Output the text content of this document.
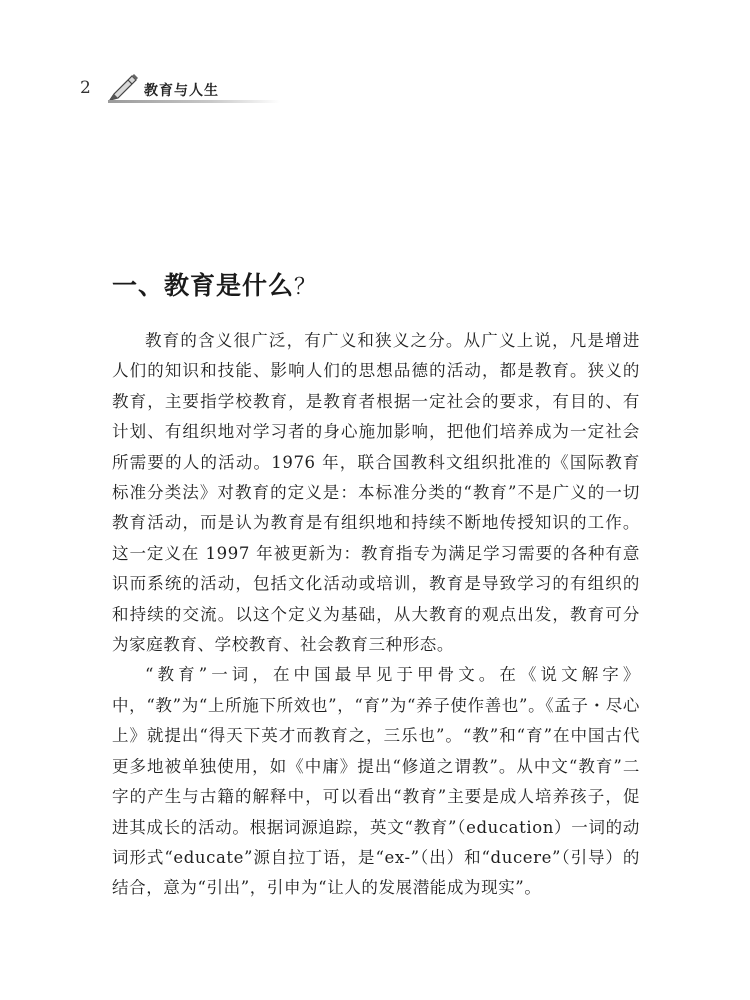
2	教育与人生
一、教育是什么？

教育的含义很广泛，有广义和狭义之分。从广义上说，凡是增进人们的知识和技能、影响人们的思想品德的活动，都是教育。狭义的教育，主要指学校教育，是教育者根据一定社会的要求，有目的、有计划、有组织地对学习者的身心施加影响，把他们培养成为一定社会所需要的人的活动。1976 年，联合国教科文组织批准的《国际教育标准分类法》对教育的定义是：本标准分类的“教育”不是广义的一切教育活动，而是认为教育是有组织地和持续不断地传授知识的工作。这一定义在 1997 年被更新为：教育指专为满足学习需要的各种有意识而系统的活动，包括文化活动或培训，教育是导致学习的有组织的和持续的交流。以这个定义为基础，从大教育的观点出发，教育可分为家庭教育、学校教育、社会教育三种形态。

“教育”一词，在中国最早见于甲骨文。在《说文解字》中，“教”为“上所施下所效也”，“育”为“养子使作善也”。《孟子・尽心上》就提出“得天下英才而教育之，三乐也”。“教”和“育”在中国古代更多地被单独使用，如《中庸》提出“修道之谓教”。从中文“教育”二字的产生与古籍的解释中，可以看出“教育”主要是成人培养孩子，促进其成长的活动。根据词源追踪，英文“教育”（education）一词的动词形式“educate”源自拉丁语，是“ex-”（出）和“ducere”（引导）的结合，意为“引出”，引申为“让人的发展潜能成为现实”。
